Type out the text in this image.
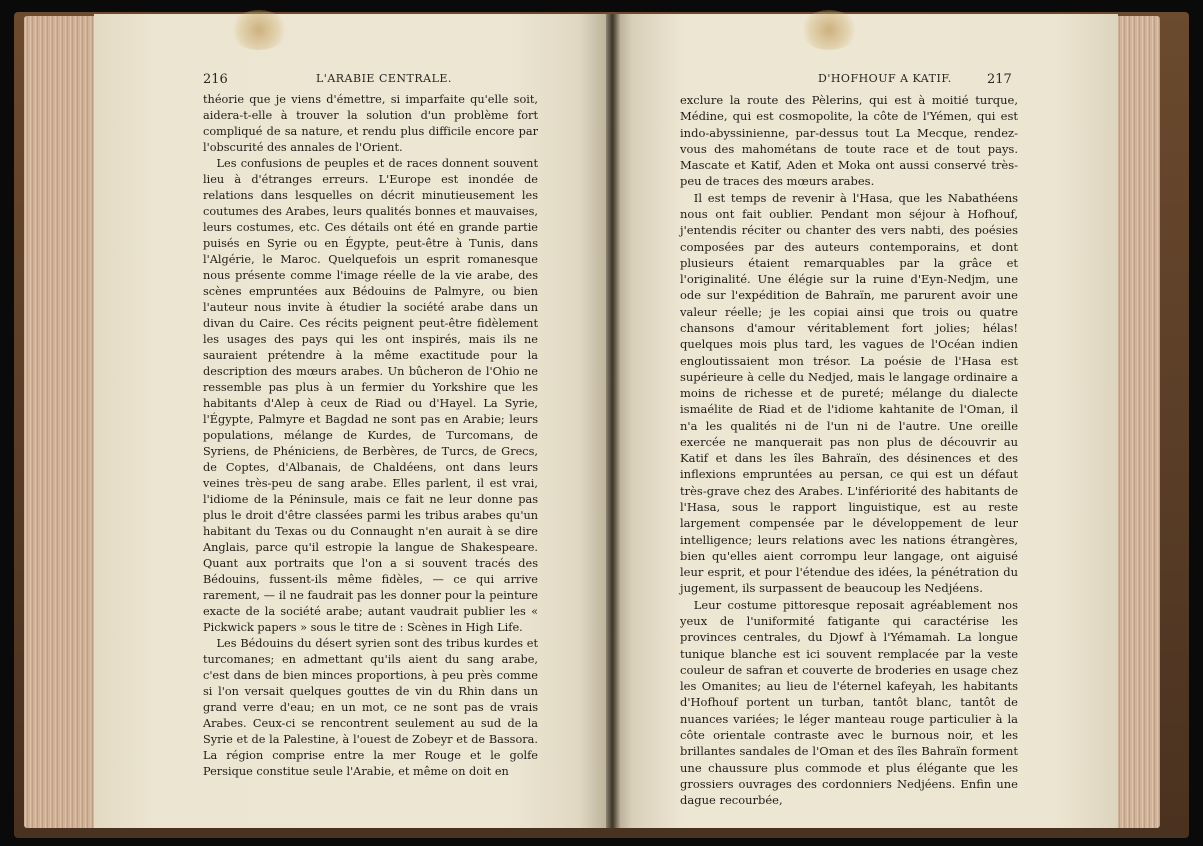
216	L'ARABIE CENTRALE.	D'HOFHOUF A KATIF.	217

théorie que je viens d'émettre, si imparfaite qu'elle soit, aidera-t-elle à trouver la solution d'un problème fort compliqué de sa nature, et rendu plus difficile encore par l'obscurité des annales de l'Orient.

Les confusions de peuples et de races donnent souvent lieu à d'étranges erreurs. L'Europe est inondée de relations dans lesquelles on décrit minutieusement les coutumes des Arabes, leurs qualités bonnes et mauvaises, leurs costumes, etc. Ces détails ont été en grande partie puisés en Syrie ou en Égypte, peut-être à Tunis, dans l'Algérie, le Maroc. Quelquefois un esprit romanesque nous présente comme l'image réelle de la vie arabe, des scènes empruntées aux Bédouins de Palmyre, ou bien l'auteur nous invite à étudier la société arabe dans un divan du Caire. Ces récits peignent peut-être fidèlement les usages des pays qui les ont inspirés, mais ils ne sauraient prétendre à la même exactitude pour la description des mœurs arabes. Un bûcheron de l'Ohio ne ressemble pas plus à un fermier du Yorkshire que les habitants d'Alep à ceux de Riad ou d'Hayel. La Syrie, l'Égypte, Palmyre et Bagdad ne sont pas en Arabie; leurs populations, mélange de Kurdes, de Turcomans, de Syriens, de Phéniciens, de Berbères, de Turcs, de Grecs, de Coptes, d'Albanais, de Chaldéens, ont dans leurs veines très-peu de sang arabe. Elles parlent, il est vrai, l'idiome de la Péninsule, mais ce fait ne leur donne pas plus le droit d'être classées parmi les tribus arabes qu'un habitant du Texas ou du Connaught n'en aurait à se dire Anglais, parce qu'il estropie la langue de Shakespeare. Quant aux portraits que l'on a si souvent tracés des Bédouins, fussent-ils même fidèles, — ce qui arrive rarement, — il ne faudrait pas les donner pour la peinture exacte de la société arabe; autant vaudrait publier les « Pickwick papers » sous le titre de : Scènes in High Life.

Les Bédouins du désert syrien sont des tribus kurdes et turcomanes; en admettant qu'ils aient du sang arabe, c'est dans de bien minces proportions, à peu près comme si l'on versait quelques gouttes de vin du Rhin dans un grand verre d'eau; en un mot, ce ne sont pas de vrais Arabes. Ceux-ci se rencontrent seulement au sud de la Syrie et de la Palestine, à l'ouest de Zobeyr et de Bassora. La région comprise entre la mer Rouge et le golfe Persique constitue seule l'Arabie, et même on doit en

exclure la route des Pèlerins, qui est à moitié turque, Médine, qui est cosmopolite, la côte de l'Yémen, qui est indo-abyssinienne, par-dessus tout La Mecque, rendez-vous des mahométans de toute race et de tout pays. Mascate et Katif, Aden et Moka ont aussi conservé très-peu de traces des mœurs arabes.

Il est temps de revenir à l'Hasa, que les Nabathéens nous ont fait oublier. Pendant mon séjour à Hofhouf, j'entendis réciter ou chanter des vers nabti, des poésies composées par des auteurs contemporains, et dont plusieurs étaient remarquables par la grâce et l'originalité. Une élégie sur la ruine d'Eyn-Nedjm, une ode sur l'expédition de Bahraïn, me parurent avoir une valeur réelle; je les copiai ainsi que trois ou quatre chansons d'amour véritablement fort jolies; hélas! quelques mois plus tard, les vagues de l'Océan indien engloutissaient mon trésor. La poésie de l'Hasa est supérieure à celle du Nedjed, mais le langage ordinaire a moins de richesse et de pureté; mélange du dialecte ismaélite de Riad et de l'idiome kahtanite de l'Oman, il n'a les qualités ni de l'un ni de l'autre. Une oreille exercée ne manquerait pas non plus de découvrir au Katif et dans les îles Bahraïn, des désinences et des inflexions empruntées au persan, ce qui est un défaut très-grave chez des Arabes. L'infériorité des habitants de l'Hasa, sous le rapport linguistique, est au reste largement compensée par le développement de leur intelligence; leurs relations avec les nations étrangères, bien qu'elles aient corrompu leur langage, ont aiguisé leur esprit, et pour l'étendue des idées, la pénétration du jugement, ils surpassent de beaucoup les Nedjéens.

Leur costume pittoresque reposait agréablement nos yeux de l'uniformité fatigante qui caractérise les provinces centrales, du Djowf à l'Yémamah. La longue tunique blanche est ici souvent remplacée par la veste couleur de safran et couverte de broderies en usage chez les Omanites; au lieu de l'éternel kafeyah, les habitants d'Hofhouf portent un turban, tantôt blanc, tantôt de nuances variées; le léger manteau rouge particulier à la côte orientale contraste avec le burnous noir, et les brillantes sandales de l'Oman et des îles Bahraïn forment une chaussure plus commode et plus élégante que les grossiers ouvrages des cordonniers Nedjéens. Enfin une dague recourbée,
